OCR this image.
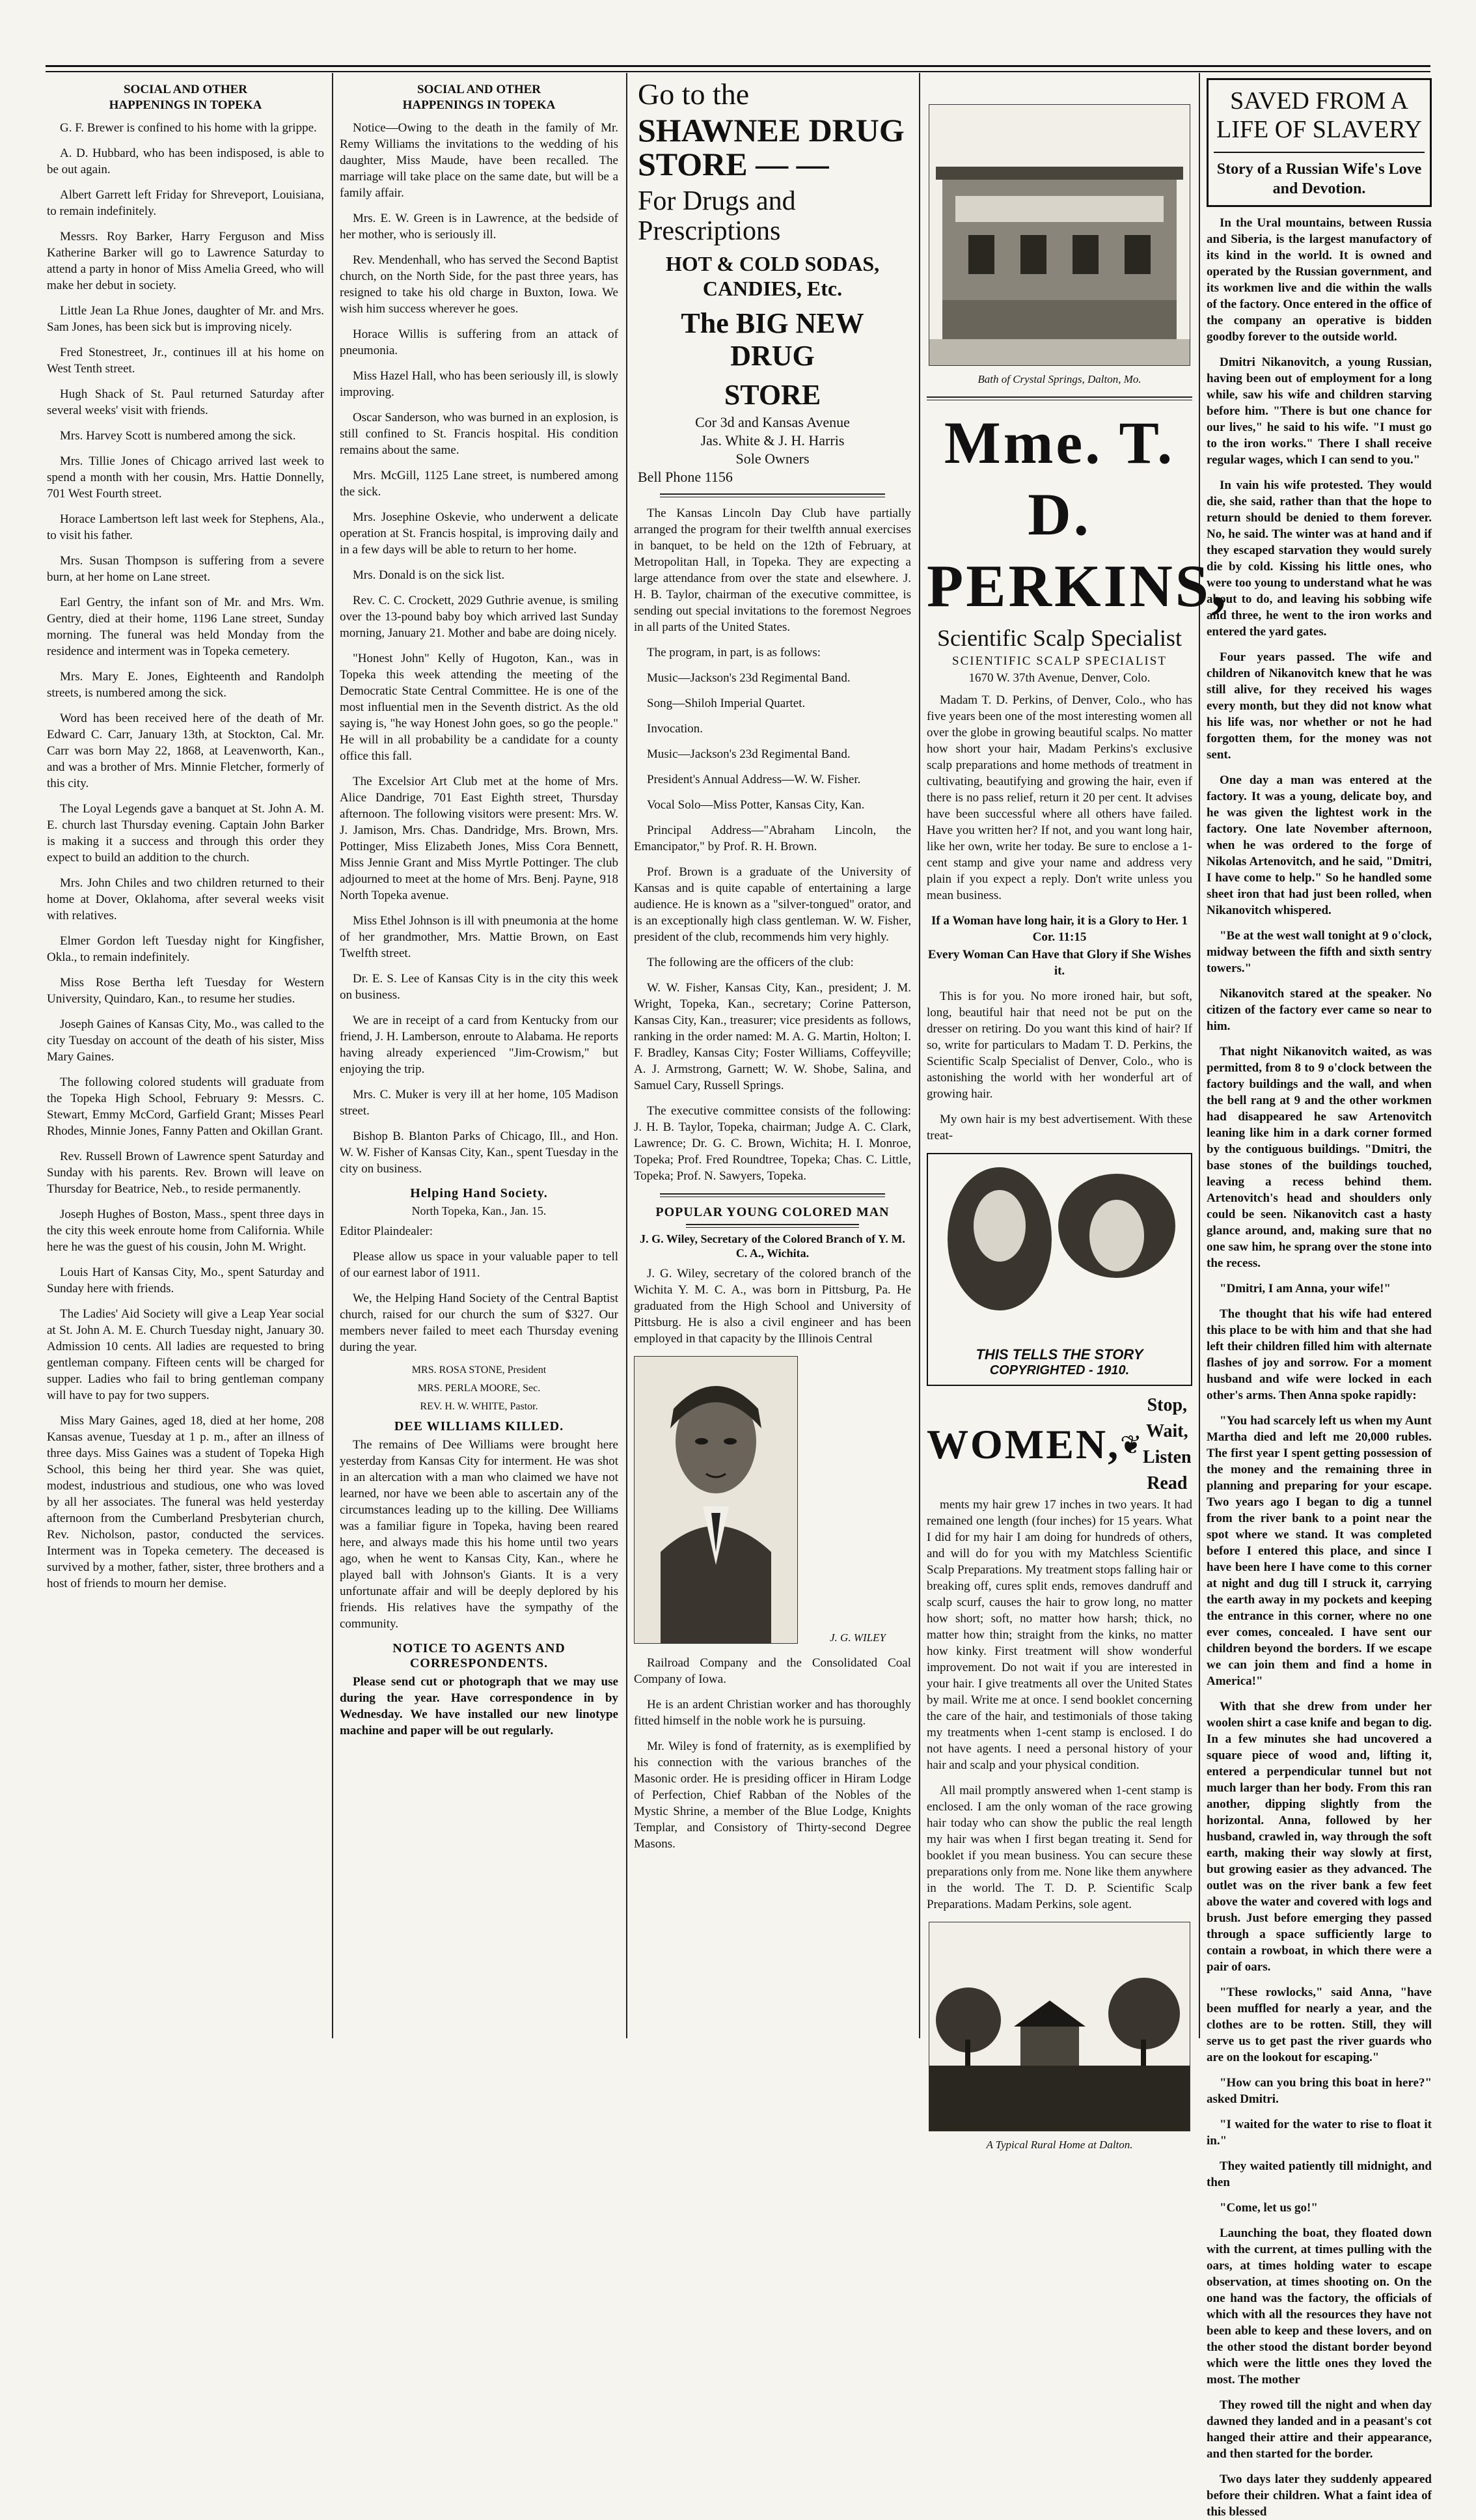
SOCIAL AND OTHER
HAPPENINGS IN TOPEKA

G. F. Brewer is confined to his home with la grippe.

A. D. Hubbard, who has been indisposed, is able to be out again.

Albert Garrett left Friday for Shreveport, Louisiana, to remain indefinitely.

Messrs. Roy Barker, Harry Ferguson and Miss Katherine Barker will go to Lawrence Saturday to attend a party in honor of Miss Amelia Greed, who will make her debut in society.

Little Jean La Rhue Jones, daughter of Mr. and Mrs. Sam Jones, has been sick but is improving nicely.

Fred Stonestreet, Jr., continues ill at his home on West Tenth street.

Hugh Shack of St. Paul returned Saturday after several weeks' visit with friends.

Mrs. Harvey Scott is numbered among the sick.

Mrs. Tillie Jones of Chicago arrived last week to spend a month with her cousin, Mrs. Hattie Donnelly, 701 West Fourth street.

Horace Lambertson left last week for Stephens, Ala., to visit his father.

Mrs. Susan Thompson is suffering from a severe burn, at her home on Lane street.

Earl Gentry, the infant son of Mr. and Mrs. Wm. Gentry, died at their home, 1196 Lane street, Sunday morning. The funeral was held Monday from the residence and interment was in Topeka cemetery.

Mrs. Mary E. Jones, Eighteenth and Randolph streets, is numbered among the sick.

Word has been received here of the death of Mr. Edward C. Carr, January 13th, at Stockton, Cal. Mr. Carr was born May 22, 1868, at Leavenworth, Kan., and was a brother of Mrs. Minnie Fletcher, formerly of this city.

The Loyal Legends gave a banquet at St. John A. M. E. church last Thursday evening. Captain John Barker is making it a success and through this order they expect to build an addition to the church.

Mrs. John Chiles and two children returned to their home at Dover, Oklahoma, after several weeks visit with relatives.

Elmer Gordon left Tuesday night for Kingfisher, Okla., to remain indefinitely.

Miss Rose Bertha left Tuesday for Western University, Quindaro, Kan., to resume her studies.

Joseph Gaines of Kansas City, Mo., was called to the city Tuesday on account of the death of his sister, Miss Mary Gaines.

The following colored students will graduate from the Topeka High School, February 9: Messrs. C. Stewart, Emmy McCord, Garfield Grant; Misses Pearl Rhodes, Minnie Jones, Fanny Patten and Okillan Grant.

Rev. Russell Brown of Lawrence spent Saturday and Sunday with his parents. Rev. Brown will leave on Thursday for Beatrice, Neb., to reside permanently.

Joseph Hughes of Boston, Mass., spent three days in the city this week enroute home from California. While here he was the guest of his cousin, John M. Wright.

Louis Hart of Kansas City, Mo., spent Saturday and Sunday here with friends.

The Ladies' Aid Society will give a Leap Year social at St. John A. M. E. Church Tuesday night, January 30. Admission 10 cents. All ladies are requested to bring gentleman company. Fifteen cents will be charged for supper. Ladies who fail to bring gentleman company will have to pay for two suppers.

Miss Mary Gaines, aged 18, died at her home, 208 Kansas avenue, Tuesday at 1 p. m., after an illness of three days. Miss Gaines was a student of Topeka High School, this being her third year. She was quiet, modest, industrious and studious, one who was loved by all her associates. The funeral was held yesterday afternoon from the Cumberland Presbyterian church, Rev. Nicholson, pastor, conducted the services. Interment was in Topeka cemetery. The deceased is survived by a mother, father, sister, three brothers and a host of friends to mourn her demise.

SOCIAL AND OTHER
HAPPENINGS IN TOPEKA

Notice—Owing to the death in the family of Mr. Remy Williams the invitations to the wedding of his daughter, Miss Maude, have been recalled. The marriage will take place on the same date, but will be a family affair.

Mrs. E. W. Green is in Lawrence, at the bedside of her mother, who is seriously ill.

Rev. Mendenhall, who has served the Second Baptist church, on the North Side, for the past three years, has resigned to take his old charge in Buxton, Iowa. We wish him success wherever he goes.

Horace Willis is suffering from an attack of pneumonia.

Miss Hazel Hall, who has been seriously ill, is slowly improving.

Oscar Sanderson, who was burned in an explosion, is still confined to St. Francis hospital. His condition remains about the same.

Mrs. McGill, 1125 Lane street, is numbered among the sick.

Mrs. Josephine Oskevie, who underwent a delicate operation at St. Francis hospital, is improving daily and in a few days will be able to return to her home.

Mrs. Donald is on the sick list.

Rev. C. C. Crockett, 2029 Guthrie avenue, is smiling over the 13-pound baby boy which arrived last Sunday morning, January 21. Mother and babe are doing nicely.

"Honest John" Kelly of Hugoton, Kan., was in Topeka this week attending the meeting of the Democratic State Central Committee. He is one of the most influential men in the Seventh district. As the old saying is, "he way Honest John goes, so go the people." He will in all probability be a candidate for a county office this fall.

The Excelsior Art Club met at the home of Mrs. Alice Dandrige, 701 East Eighth street, Thursday afternoon. The following visitors were present: Mrs. W. J. Jamison, Mrs. Chas. Dandridge, Mrs. Brown, Mrs. Pottinger, Miss Elizabeth Jones, Miss Cora Bennett, Miss Jennie Grant and Miss Myrtle Pottinger. The club adjourned to meet at the home of Mrs. Benj. Payne, 918 North Topeka avenue.

Miss Ethel Johnson is ill with pneumonia at the home of her grandmother, Mrs. Mattie Brown, on East Twelfth street.

Dr. E. S. Lee of Kansas City is in the city this week on business.

We are in receipt of a card from Kentucky from our friend, J. H. Lamberson, enroute to Alabama. He reports having already experienced "Jim-Crowism," but enjoying the trip.

Mrs. C. Muker is very ill at her home, 105 Madison street.

Bishop B. Blanton Parks of Chicago, Ill., and Hon. W. W. Fisher of Kansas City, Kan., spent Tuesday in the city on business.

Helping Hand Society.

North Topeka, Kan., Jan. 15.

Editor Plaindealer:

Please allow us space in your valuable paper to tell of our earnest labor of 1911.

We, the Helping Hand Society of the Central Baptist church, raised for our church the sum of $327. Our members never failed to meet each Thursday evening during the year.

MRS. ROSA STONE, President
MRS. PERLA MOORE, Sec.
REV. H. W. WHITE, Pastor.
DEE WILLIAMS KILLED.

The remains of Dee Williams were brought here yesterday from Kansas City for interment. He was shot in an altercation with a man who claimed we have not learned, nor have we been able to ascertain any of the circumstances leading up to the killing. Dee Williams was a familiar figure in Topeka, having been reared here, and always made this his home until two years ago, when he went to Kansas City, Kan., where he played ball with Johnson's Giants. It is a very unfortunate affair and will be deeply deplored by his friends. His relatives have the sympathy of the community.

NOTICE TO AGENTS AND CORRESPONDENTS.

Please send cut or photograph that we may use during the year. Have correspondence in by Wednesday. We have installed our new linotype machine and paper will be out regularly.

Go to the

SHAWNEE DRUG

STORE — —

For Drugs and Prescriptions

HOT & COLD SODAS, CANDIES, Etc.

The BIG NEW DRUG

STORE

Cor 3d and Kansas Avenue

Jas. White & J. H. Harris

Sole Owners

Bell Phone 1156

The Kansas Lincoln Day Club have partially arranged the program for their twelfth annual exercises in banquet, to be held on the 12th of February, at Metropolitan Hall, in Topeka. They are expecting a large attendance from over the state and elsewhere. J. H. B. Taylor, chairman of the executive committee, is sending out special invitations to the foremost Negroes in all parts of the United States.

The program, in part, is as follows:

Music—Jackson's 23d Regimental Band.

Song—Shiloh Imperial Quartet.

Invocation.

Music—Jackson's 23d Regimental Band.

President's Annual Address—W. W. Fisher.

Vocal Solo—Miss Potter, Kansas City, Kan.

Principal Address—"Abraham Lincoln, the Emancipator," by Prof. R. H. Brown.

Prof. Brown is a graduate of the University of Kansas and is quite capable of entertaining a large audience. He is known as a "silver-tongued" orator, and is an exceptionally high class gentleman. W. W. Fisher, president of the club, recommends him very highly.

The following are the officers of the club:

W. W. Fisher, Kansas City, Kan., president; J. M. Wright, Topeka, Kan., secretary; Corine Patterson, Kansas City, Kan., treasurer; vice presidents as follows, ranking in the order named: M. A. G. Martin, Holton; I. F. Bradley, Kansas City; Foster Williams, Coffeyville; A. J. Armstrong, Garnett; W. W. Shobe, Salina, and Samuel Cary, Russell Springs.

The executive committee consists of the following: J. H. B. Taylor, Topeka, chairman; Judge A. C. Clark, Lawrence; Dr. G. C. Brown, Wichita; H. I. Monroe, Topeka; Prof. Fred Roundtree, Topeka; Chas. C. Little, Topeka; Prof. N. Sawyers, Topeka.

POPULAR YOUNG COLORED MAN

J. G. Wiley, Secretary of the Colored Branch of Y. M. C. A., Wichita.

J. G. Wiley, secretary of the colored branch of the Wichita Y. M. C. A., was born in Pittsburg, Pa. He graduated from the High School and University of Pittsburg. He is also a civil engineer and has been employed in that capacity by the Illinois Central

J. G. WILEY

Railroad Company and the Consolidated Coal Company of Iowa.

He is an ardent Christian worker and has thoroughly fitted himself in the noble work he is pursuing.

Mr. Wiley is fond of fraternity, as is exemplified by his connection with the various branches of the Masonic order. He is presiding officer in Hiram Lodge of Perfection, Chief Rabban of the Nobles of the Mystic Shrine, a member of the Blue Lodge, Knights Templar, and Consistory of Thirty-second Degree Masons.

Bath of Crystal Springs, Dalton, Mo.

Mme. T. D. PERKINS,
Scientific Scalp Specialist
SCIENTIFIC SCALP SPECIALIST
1670 W. 37th Avenue, Denver, Colo.

Madam T. D. Perkins, of Denver, Colo., who has five years been one of the most interesting women all over the globe in growing beautiful scalps. No matter how short your hair, Madam Perkins's exclusive scalp preparations and home methods of treatment in cultivating, beautifying and growing the hair, even if there is no pass relief, return it 20 per cent. It advises have been successful where all others have failed. Have you written her? If not, and you want long hair, like her own, write her today. Be sure to enclose a 1-cent stamp and give your name and address very plain if you expect a reply. Don't write unless you mean business.

If a Woman have long hair, it is a Glory to Her. 1 Cor. 11:15

Every Woman Can Have that Glory if She Wishes it.

This is for you. No more ironed hair, but soft, long, beautiful hair that need not be put on the dresser on retiring. Do you want this kind of hair? If so, write for particulars to Madam T. D. Perkins, the Scientific Scalp Specialist of Denver, Colo., who is astonishing the world with her wonderful art of growing hair.

My own hair is my best advertisement. With these treat-

THIS TELLS THE STORY
COPYRIGHTED - 1910.
WOMEN, ❦
Stop, Wait, Listen Read

ments my hair grew 17 inches in two years. It had remained one length (four inches) for 15 years. What I did for my hair I am doing for hundreds of others, and will do for you with my Matchless Scientific Scalp Preparations. My treatment stops falling hair or breaking off, cures split ends, removes dandruff and scalp scurf, causes the hair to grow long, no matter how short; soft, no matter how harsh; thick, no matter how thin; straight from the kinks, no matter how kinky. First treatment will show wonderful improvement. Do not wait if you are interested in your hair. I give treatments all over the United States by mail. Write me at once. I send booklet concerning the care of the hair, and testimonials of those taking my treatments when 1-cent stamp is enclosed. I do not have agents. I need a personal history of your hair and scalp and your physical condition.

All mail promptly answered when 1-cent stamp is enclosed. I am the only woman of the race growing hair today who can show the public the real length my hair was when I first began treating it. Send for booklet if you mean business. You can secure these preparations only from me. None like them anywhere in the world. The T. D. P. Scientific Scalp Preparations. Madam Perkins, sole agent.

A Typical Rural Home at Dalton.

SAVED FROM A
LIFE OF SLAVERY
Story of a Russian Wife's Love and Devotion.

In the Ural mountains, between Russia and Siberia, is the largest manufactory of its kind in the world. It is owned and operated by the Russian government, and its workmen live and die within the walls of the factory. Once entered in the office of the company an operative is bidden goodby forever to the outside world.

Dmitri Nikanovitch, a young Russian, having been out of employment for a long while, saw his wife and children starving before him. "There is but one chance for our lives," he said to his wife. "I must go to the iron works." There I shall receive regular wages, which I can send to you."

In vain his wife protested. They would die, she said, rather than that the hope to return should be denied to them forever. No, he said. The winter was at hand and if they escaped starvation they would surely die by cold. Kissing his little ones, who were too young to understand what he was about to do, and leaving his sobbing wife and three, he went to the iron works and entered the yard gates.

Four years passed. The wife and children of Nikanovitch knew that he was still alive, for they received his wages every month, but they did not know what his life was, nor whether or not he had forgotten them, for the money was not sent.

One day a man was entered at the factory. It was a young, delicate boy, and he was given the lightest work in the factory. One late November afternoon, when he was ordered to the forge of Nikolas Artenovitch, and he said, "Dmitri, I have come to help." So he handled some sheet iron that had just been rolled, when Nikanovitch whispered.

"Be at the west wall tonight at 9 o'clock, midway between the fifth and sixth sentry towers."

Nikanovitch stared at the speaker. No citizen of the factory ever came so near to him.

That night Nikanovitch waited, as was permitted, from 8 to 9 o'clock between the factory buildings and the wall, and when the bell rang at 9 and the other workmen had disappeared he saw Artenovitch leaning like him in a dark corner formed by the contiguous buildings. "Dmitri, the base stones of the buildings touched, leaving a recess behind them. Artenovitch's head and shoulders only could be seen. Nikanovitch cast a hasty glance around, and, making sure that no one saw him, he sprang over the stone into the recess.

"Dmitri, I am Anna, your wife!"

The thought that his wife had entered this place to be with him and that she had left their children filled him with alternate flashes of joy and sorrow. For a moment husband and wife were locked in each other's arms. Then Anna spoke rapidly:

"You had scarcely left us when my Aunt Martha died and left me 20,000 rubles. The first year I spent getting possession of the money and the remaining three in planning and preparing for your escape. Two years ago I began to dig a tunnel from the river bank to a point near the spot where we stand. It was completed before I entered this place, and since I have been here I have come to this corner at night and dug till I struck it, carrying the earth away in my pockets and keeping the entrance in this corner, where no one ever comes, concealed. I have sent our children beyond the borders. If we escape we can join them and find a home in America!"

With that she drew from under her woolen shirt a case knife and began to dig. In a few minutes she had uncovered a square piece of wood and, lifting it, entered a perpendicular tunnel but not much larger than her body. From this ran another, dipping slightly from the horizontal. Anna, followed by her husband, crawled in, way through the soft earth, making their way slowly at first, but growing easier as they advanced. The outlet was on the river bank a few feet above the water and covered with logs and brush. Just before emerging they passed through a space sufficiently large to contain a rowboat, in which there were a pair of oars.

"These rowlocks," said Anna, "have been muffled for nearly a year, and the clothes are to be rotten. Still, they will serve us to get past the river guards who are on the lookout for escaping."

"How can you bring this boat in here?" asked Dmitri.

"I waited for the water to rise to float it in."

They waited patiently till midnight, and then

"Come, let us go!"

Launching the boat, they floated down with the current, at times pulling with the oars, at times holding water to escape observation, at times shooting on. On the one hand was the factory, the officials of which with all the resources they have not been able to keep and these lovers, and on the other stood the distant border beyond which were the little ones they loved the most. The mother

They rowed till the night and when day dawned they landed and in a peasant's cot hanged their attire and their appearance, and then started for the border.

Two days later they suddenly appeared before their children. What a faint idea of this blessed
